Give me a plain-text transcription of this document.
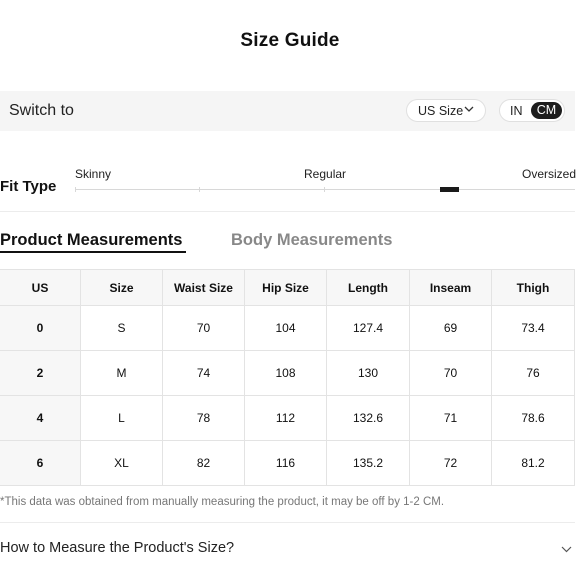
Size Guide
Switch to	US Size	IN	CM
Fit Type
Skinny	Regular	Oversized
Product Measurements	Body Measurements
US	Size	Waist Size	Hip Size	Length	Inseam	Thigh
0	S	70	104	127.4	69	73.4
2	M	74	108	130	70	76
4	L	78	112	132.6	71	78.6
6	XL	82	116	135.2	72	81.2
*This data was obtained from manually measuring the product, it may be off by 1-2 CM.
How to Measure the Product's Size?
